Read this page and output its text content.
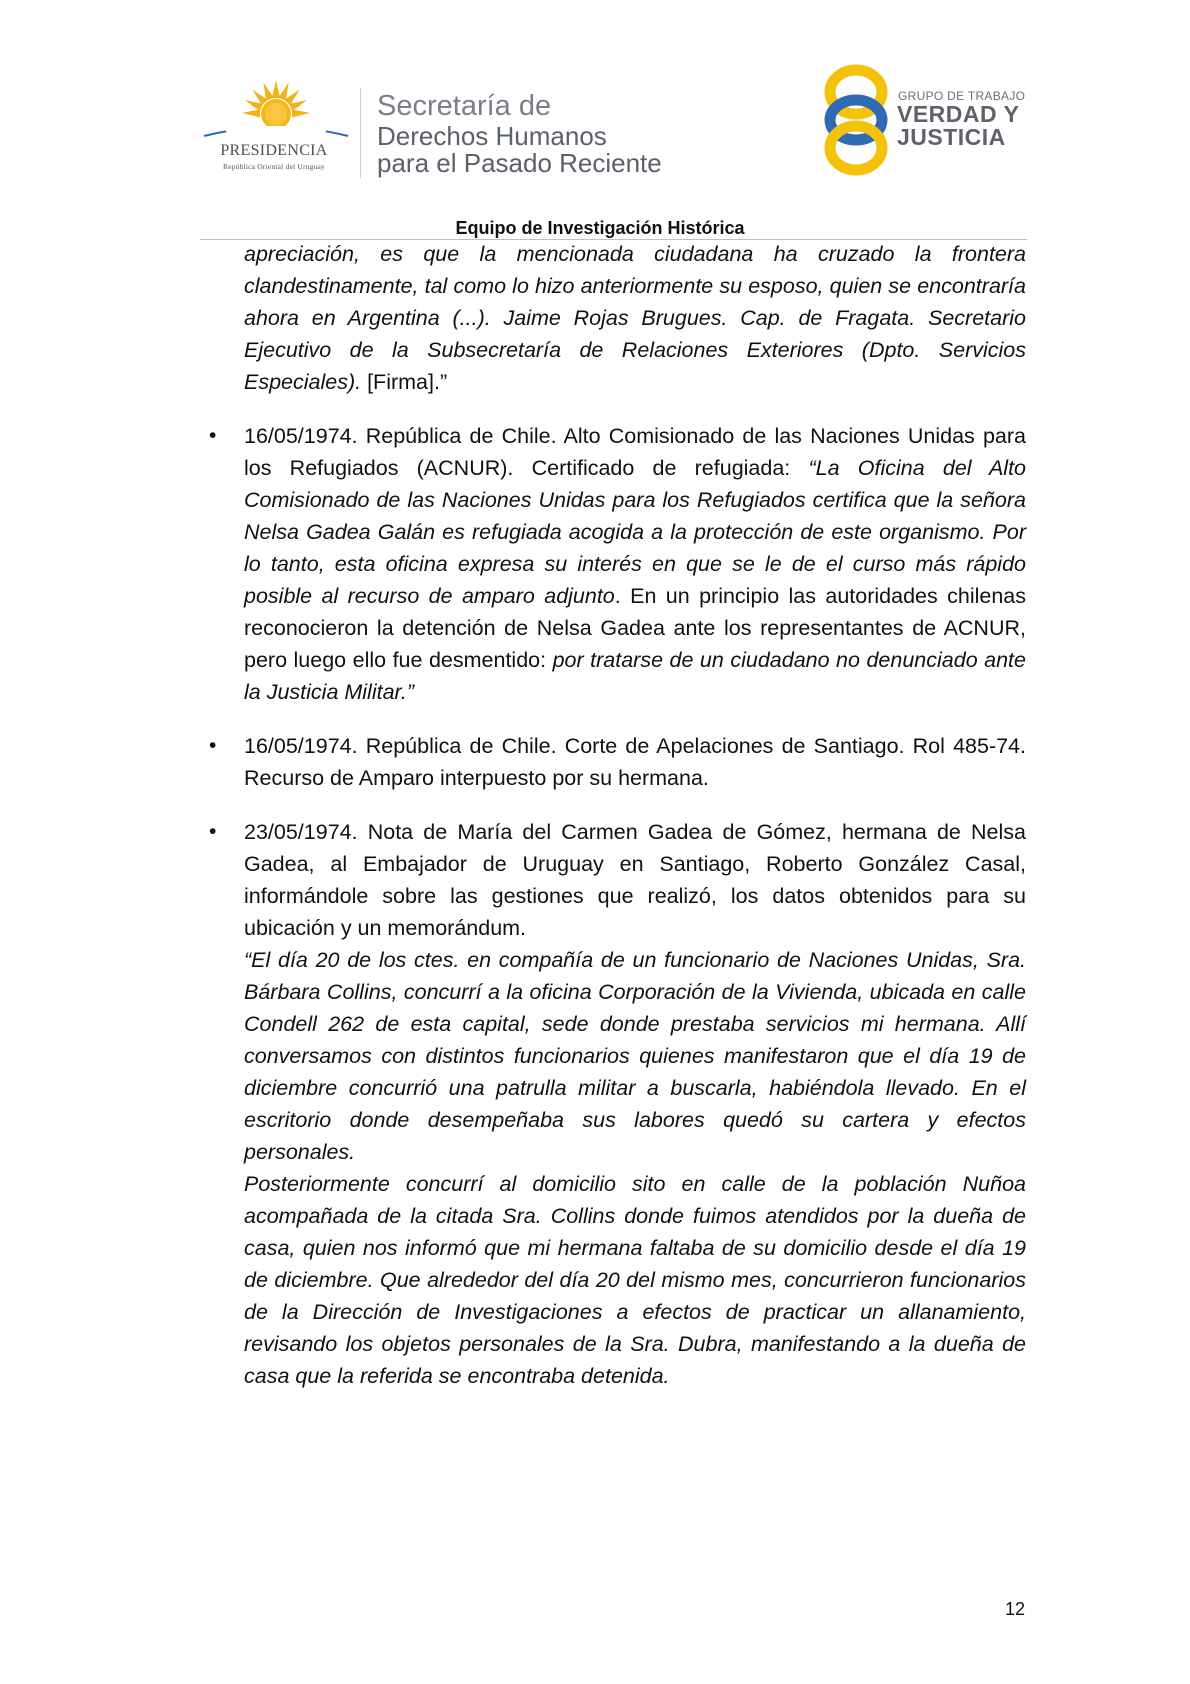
PRESIDENCIA
República Oriental del Uruguay
Secretaría de
Derechos Humanos
para el Pasado Reciente
GRUPO DE TRABAJO
VERDAD Y
JUSTICIA
Equipo de Investigación Histórica

apreciación, es que la mencionada ciudadana ha cruzado la frontera clandestinamente, tal como lo hizo anteriormente su esposo, quien se encontraría ahora en Argentina (...). Jaime Rojas Brugues. Cap. de Fragata. Secretario Ejecutivo de la Subsecretaría de Relaciones Exteriores (Dpto. Servicios Especiales). [Firma].”

• 16/05/1974. República de Chile. Alto Comisionado de las Naciones Unidas para los Refugiados (ACNUR). Certificado de refugiada: “La Oficina del Alto Comisionado de las Naciones Unidas para los Refugiados certifica que la señora Nelsa Gadea Galán es refugiada acogida a la protección de este organismo. Por lo tanto, esta oficina expresa su interés en que se le de el curso más rápido posible al recurso de amparo adjunto. En un principio las autoridades chilenas reconocieron la detención de Nelsa Gadea ante los representantes de ACNUR, pero luego ello fue desmentido: por tratarse de un ciudadano no denunciado ante la Justicia Militar.”

• 16/05/1974. República de Chile. Corte de Apelaciones de Santiago. Rol 485-74. Recurso de Amparo interpuesto por su hermana.

• 23/05/1974. Nota de María del Carmen Gadea de Gómez, hermana de Nelsa Gadea, al Embajador de Uruguay en Santiago, Roberto González Casal, informándole sobre las gestiones que realizó, los datos obtenidos para su ubicación y un memorándum.

“El día 20 de los ctes. en compañía de un funcionario de Naciones Unidas, Sra. Bárbara Collins, concurrí a la oficina Corporación de la Vivienda, ubicada en calle Condell 262 de esta capital, sede donde prestaba servicios mi hermana. Allí conversamos con distintos funcionarios quienes manifestaron que el día 19 de diciembre concurrió una patrulla militar a buscarla, habiéndola llevado. En el escritorio donde desempeñaba sus labores quedó su cartera y efectos personales.

Posteriormente concurrí al domicilio sito en calle de la población Nuñoa acompañada de la citada Sra. Collins donde fuimos atendidos por la dueña de casa, quien nos informó que mi hermana faltaba de su domicilio desde el día 19 de diciembre. Que alrededor del día 20 del mismo mes, concurrieron funcionarios de la Dirección de Investigaciones a efectos de practicar un allanamiento, revisando los objetos personales de la Sra. Dubra, manifestando a la dueña de casa que la referida se encontraba detenida.

12
